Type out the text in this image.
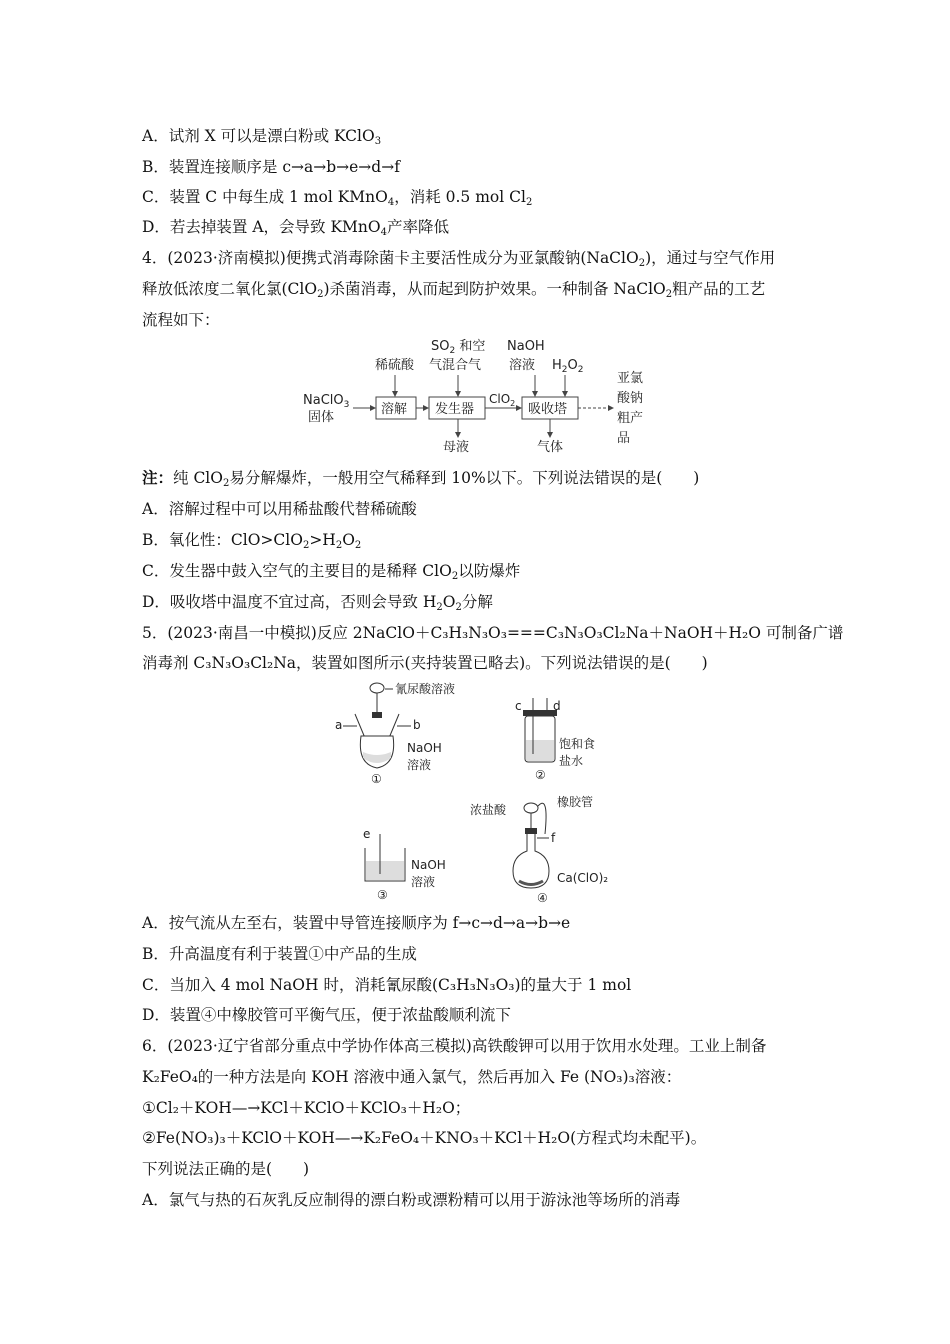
A．试剂 X 可以是漂白粉或 KClO$_3$
B．装置连接顺序是 c→a→b→e→d→f
C．装置 C 中每生成 1 mol KMnO$_4$，消耗 0.5 mol $Cl_2$
D．若去掉装置 A，会导致 KMnO$_4$产率降低
4．(2023·济南模拟)便携式消毒除菌卡主要活性成分为亚氯酸钠(NaClO$_2$)，通过与空气作用
释放低浓度二氧化氯(ClO$_2$)杀菌消毒，从而起到防护效果。一种制备 NaClO$_2$粗产品的工艺
流程如下：
NaClO$_3$
固体
稀硫酸
溶解
$SO_2$ 和空
气混合气
发生器
母液
ClO$_2$
NaOH
溶液 $H_2O_2$
吸收塔
气体
亚氯 酸钠 粗产 品
注：纯 ClO$_2$易分解爆炸，一般用空气稀释到 10%以下。下列说法错误的是(　　)
A．溶解过程中可以用稀盐酸代替稀硫酸
B．氧化性：$ClO>ClO_2>H_2O_2$
C．发生器中鼓入空气的主要目的是稀释 ClO$_2$以防爆炸
D．吸收塔中温度不宜过高，否则会导致 $H_2O_2$分解
5．(2023·南昌一中模拟)反应 2NaClO＋C₃H₃N₃O₃===C₃N₃O₃Cl₂Na＋NaOH＋H₂O 可制备广谱
消毒剂 C₃N₃O₃Cl₂Na，装置如图所示(夹持装置已略去)。下列说法错误的是(　　)
a	b
氰尿酸溶液
NaOH
溶液
①
c	d
饱和食
盐水
②
e
NaOH
溶液
③
浓盐酸
橡胶管
f
Ca(ClO)₂
④
A．按气流从左至右，装置中导管连接顺序为 f→c→d→a→b→e
B．升高温度有利于装置①中产品的生成
C．当加入 4 mol NaOH 时，消耗氰尿酸(C₃H₃N₃O₃)的量大于 1 mol
D．装置④中橡胶管可平衡气压，便于浓盐酸顺利流下
6．(2023·辽宁省部分重点中学协作体高三模拟)高铁酸钾可以用于饮用水处理。工业上制备
K₂FeO₄的一种方法是向 KOH 溶液中通入氯气，然后再加入 Fe (NO₃)₃溶液：
①Cl₂＋KOH—→KCl＋KClO＋KClO₃＋H₂O；
②Fe(NO₃)₃＋KClO＋KOH—→K₂FeO₄＋KNO₃＋KCl＋H₂O(方程式均未配平)。
下列说法正确的是(　　)
A．氯气与热的石灰乳反应制得的漂白粉或漂粉精可以用于游泳池等场所的消毒
